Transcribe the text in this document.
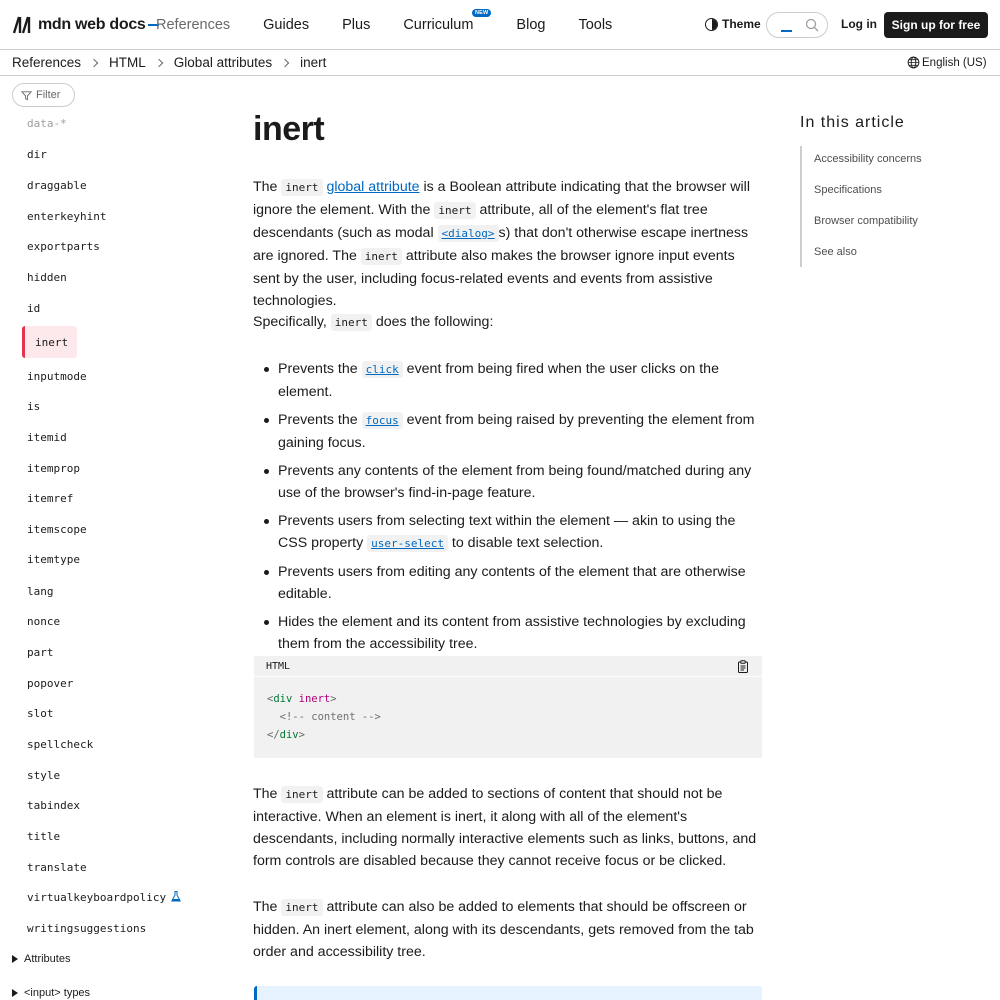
mdn web docs References Guides Plus Curriculum
NEW
Blog Tools	Theme	Log in	Sign up for free
References HTML Global attributes inert	English (US)
Filter
data-*
dir
draggable
enterkeyhint
exportparts
hidden
id
inert
inputmode
is
itemid
itemprop
itemref
itemscope
itemtype
lang
nonce
part
popover
slot
spellcheck
style
tabindex
title
translate
virtualkeyboardpolicy
writingsuggestions
Attributes
<input> types
inert

The inert global attribute is a Boolean attribute indicating that the browser will ignore the element. With the inert attribute, all of the element's flat tree descendants (such as modal <dialog> s) that don't otherwise escape inertness are ignored. The inert attribute also makes the browser ignore input events sent by the user, including focus-related events and events from assistive technologies.

Specifically, inert does the following:

Prevents the click event from being fired when the user clicks on the element.
Prevents the focus event from being raised by preventing the element from gaining focus.
Prevents any contents of the element from being found/matched during any use of the browser's find-in-page feature.
Prevents users from selecting text within the element — akin to using the CSS property user-select to disable text selection.
Prevents users from editing any contents of the element that are otherwise editable.
Hides the element and its content from assistive technologies by excluding them from the accessibility tree.
HTML
<div inert>
<!-- content -->
</div>

The inert attribute can be added to sections of content that should not be interactive. When an element is inert, it along with all of the element's descendants, including normally interactive elements such as links, buttons, and form controls are disabled because they cannot receive focus or be clicked.

The inert attribute can also be added to elements that should be offscreen or hidden. An inert element, along with its descendants, gets removed from the tab order and accessibility tree.

In this article
Accessibility concerns
Specifications
Browser compatibility
See also
